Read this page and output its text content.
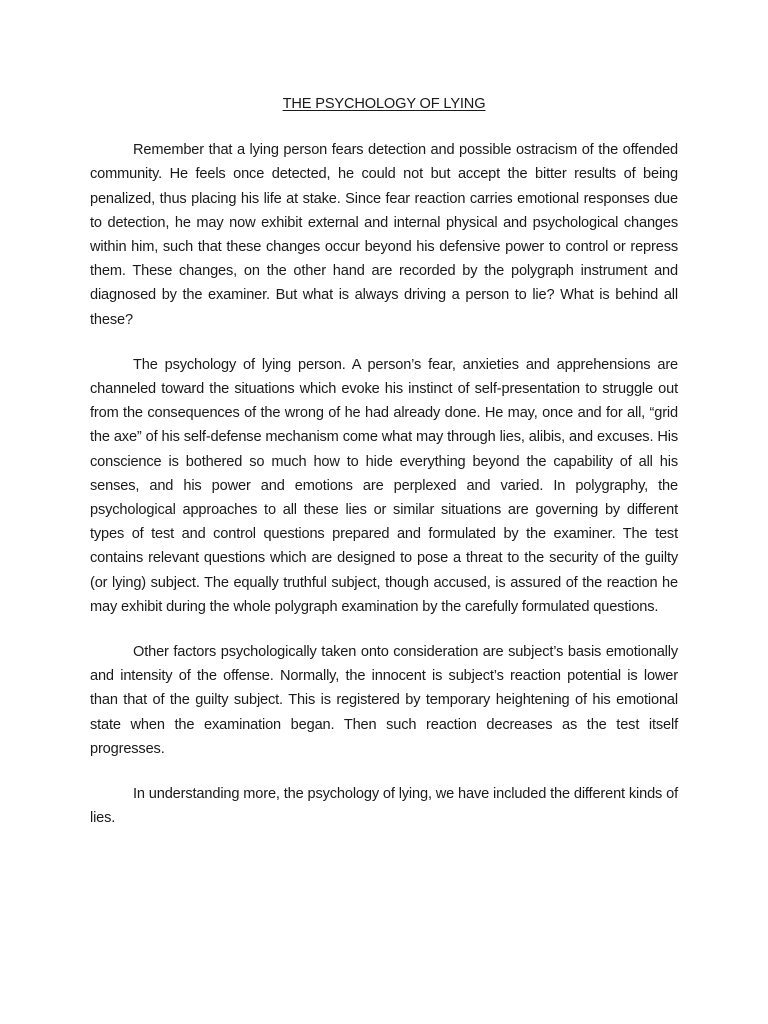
THE PSYCHOLOGY OF LYING

Remember that a lying person fears detection and possible ostracism of the offended community. He feels once detected, he could not but accept the bitter results of being penalized, thus placing his life at stake. Since fear reaction carries emotional responses due to detection, he may now exhibit external and internal physical and psychological changes within him, such that these changes occur beyond his defensive power to control or repress them. These changes, on the other hand are recorded by the polygraph instrument and diagnosed by the examiner. But what is always driving a person to lie? What is behind all these?

The psychology of lying person. A person’s fear, anxieties and apprehensions are channeled toward the situations which evoke his instinct of self-presentation to struggle out from the consequences of the wrong of he had already done. He may, once and for all, “grid the axe” of his self-defense mechanism come what may through lies, alibis, and excuses. His conscience is bothered so much how to hide everything beyond the capability of all his senses, and his power and emotions are perplexed and varied. In polygraphy, the psychological approaches to all these lies or similar situations are governing by different types of test and control questions prepared and formulated by the examiner. The test contains relevant questions which are designed to pose a threat to the security of the guilty (or lying) subject. The equally truthful subject, though accused, is assured of the reaction he may exhibit during the whole polygraph examination by the carefully formulated questions.

Other factors psychologically taken onto consideration are subject’s basis emotionally and intensity of the offense. Normally, the innocent is subject’s reaction potential is lower than that of the guilty subject. This is registered by temporary heightening of his emotional state when the examination began. Then such reaction decreases as the test itself progresses.

In understanding more, the psychology of lying, we have included the different kinds of lies.
